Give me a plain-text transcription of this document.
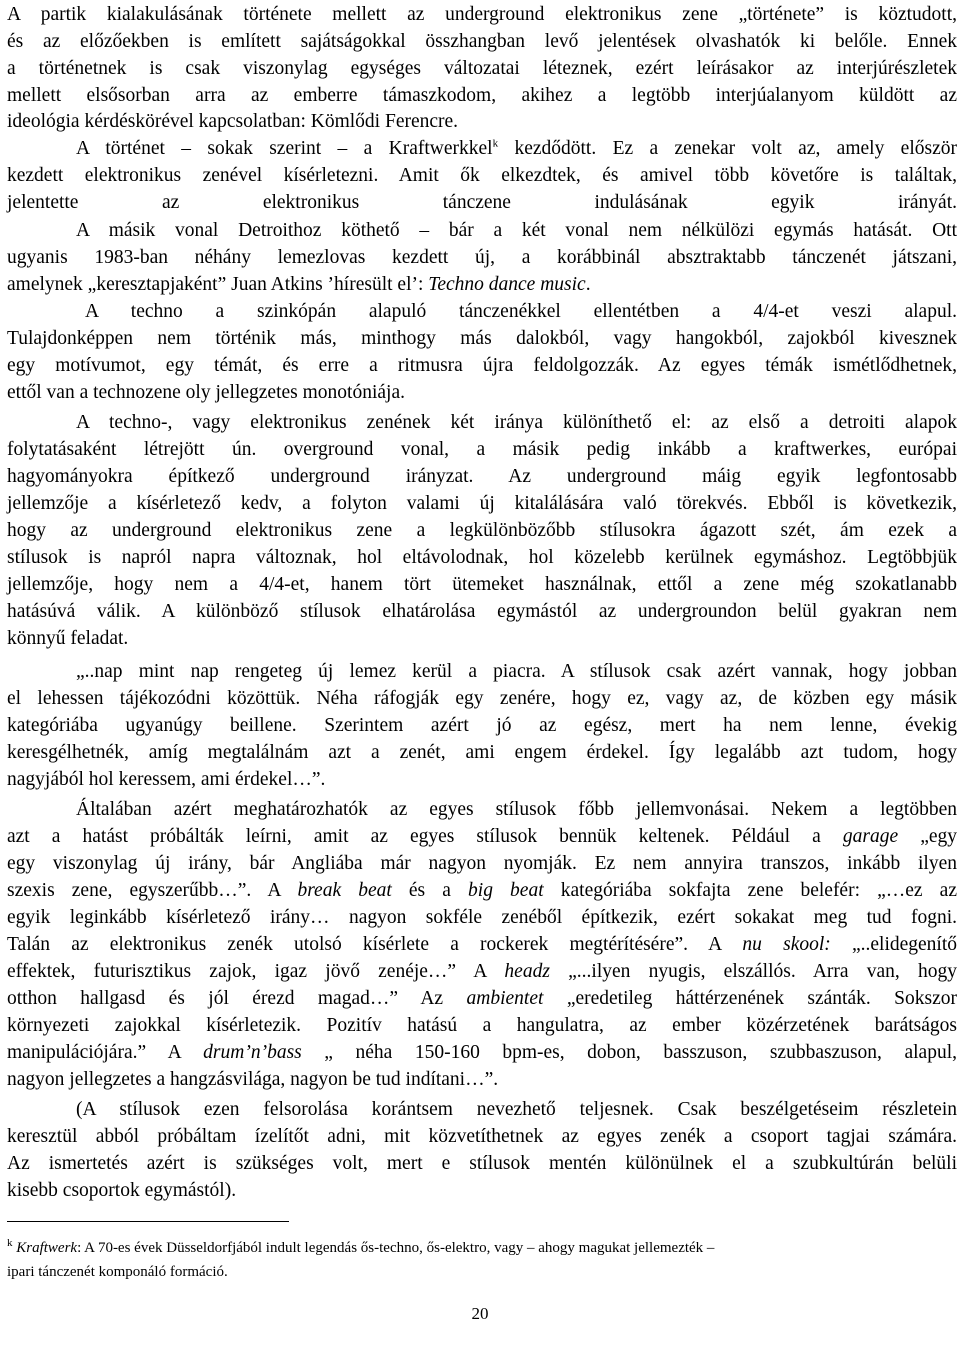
A partik kialakulásának története mellett az underground elektronikus zene „története” is köztudott,
és az előzőekben is említett sajátságokkal összhangban levő jelentések olvashatók ki belőle. Ennek
a történetnek is csak viszonylag egységes változatai léteznek, ezért leírásakor az interjúrészletek
mellett elsősorban arra az emberre támaszkodom, akihez a legtöbb interjúalanyom küldött az
ideológia kérdéskörével kapcsolatban: Kömlődi Ferencre.
A történet – sokak szerint – a Kraftwerkkel$^k$ kezdődött. Ez a zenekar volt az, amely először
kezdett elektronikus zenével kísérletezni. Amit ők elkezdtek, és amivel több követőre is találtak,
jelentette az elektronikus tánczene indulásának egyik irányát.
A másik vonal Detroithoz köthető – bár a két vonal nem nélkülözi egymás hatását. Ott
ugyanis 1983-ban néhány lemezlovas kezdett új, a korábbinál absztraktabb tánczenét játszani,
amelynek „keresztapjaként” Juan Atkins ’híresült el’: Techno dance music.
A techno a szinkópán alapuló tánczenékkel ellentétben a 4/4-et veszi alapul.
Tulajdonképpen nem történik más, minthogy más dalokból, vagy hangokból, zajokból kivesznek
egy motívumot, egy témát, és erre a ritmusra újra feldolgozzák. Az egyes témák ismétlődhetnek,
ettől van a technozene oly jellegzetes monotóniája.
A techno-, vagy elektronikus zenének két iránya különíthető el: az első a detroiti alapok
folytatásaként létrejött ún. overground vonal, a másik pedig inkább a kraftwerkes, európai
hagyományokra építkező underground irányzat. Az underground máig egyik legfontosabb
jellemzője a kísérletező kedv, a folyton valami új kitalálására való törekvés. Ebből is következik,
hogy az underground elektronikus zene a legkülönbözőbb stílusokra ágazott szét, ám ezek a
stílusok is napról napra változnak, hol eltávolodnak, hol közelebb kerülnek egymáshoz. Legtöbbjük
jellemzője, hogy nem a 4/4-et, hanem tört ütemeket használnak, ettől a zene még szokatlanabb
hatásúvá válik. A különböző stílusok elhatárolása egymástól az undergroundon belül gyakran nem
könnyű feladat.
„..nap mint nap rengeteg új lemez kerül a piacra. A stílusok csak azért vannak, hogy jobban
el lehessen tájékozódni közöttük. Néha ráfogják egy zenére, hogy ez, vagy az, de közben egy másik
kategóriába ugyanúgy beillene. Szerintem azért jó az egész, mert ha nem lenne, évekig
keresgélhetnék, amíg megtalálnám azt a zenét, ami engem érdekel. Így legalább azt tudom, hogy
nagyjából hol keressem, ami érdekel…”.
Általában azért meghatározhatók az egyes stílusok főbb jellemvonásai. Nekem a legtöbben
azt a hatást próbálták leírni, amit az egyes stílusok bennük keltenek. Például a garage „egy
egy viszonylag új irány, bár Angliába már nagyon nyomják. Ez nem annyira transzos, inkább ilyen
szexis zene, egyszerűbb…”. A break beat és a big beat kategóriába sokfajta zene belefér: „…ez az
egyik leginkább kísérletező irány… nagyon sokféle zenéből építkezik, ezért sokakat meg tud fogni.
Talán az elektronikus zenék utolsó kísérlete a rockerek megtérítésére”. A nu skool: „..elidegenítő
effektek, futurisztikus zajok, igaz jövő zenéje…” A headz „...ilyen nyugis, elszállós. Arra van, hogy
otthon hallgasd és jól érezd magad…” Az ambientet „eredetileg háttérzenének szánták. Sokszor
környezeti zajokkal kísérletezik. Pozitív hatású a hangulatra, az ember közérzetének barátságos
manipulációjára.” A drum’n’bass „ néha 150-160 bpm-es, dobon, basszuson, szubbaszuson, alapul,
nagyon jellegzetes a hangzásvilága, nagyon be tud indítani…”.
(A stílusok ezen felsorolása korántsem nevezhető teljesnek. Csak beszélgetéseim részletein
keresztül abból próbáltam ízelítőt adni, mit közvetíthetnek az egyes zenék a csoport tagjai számára.
Az ismertetés azért is szükséges volt, mert e stílusok mentén különülnek el a szubkultúrán belüli
kisebb csoportok egymástól).
$^k$ Kraftwerk: A 70-es évek Düsseldorfjából indult legendás ős-techno, ős-elektro, vagy – ahogy magukat jellemezték –
ipari tánczenét komponáló formáció.
20
